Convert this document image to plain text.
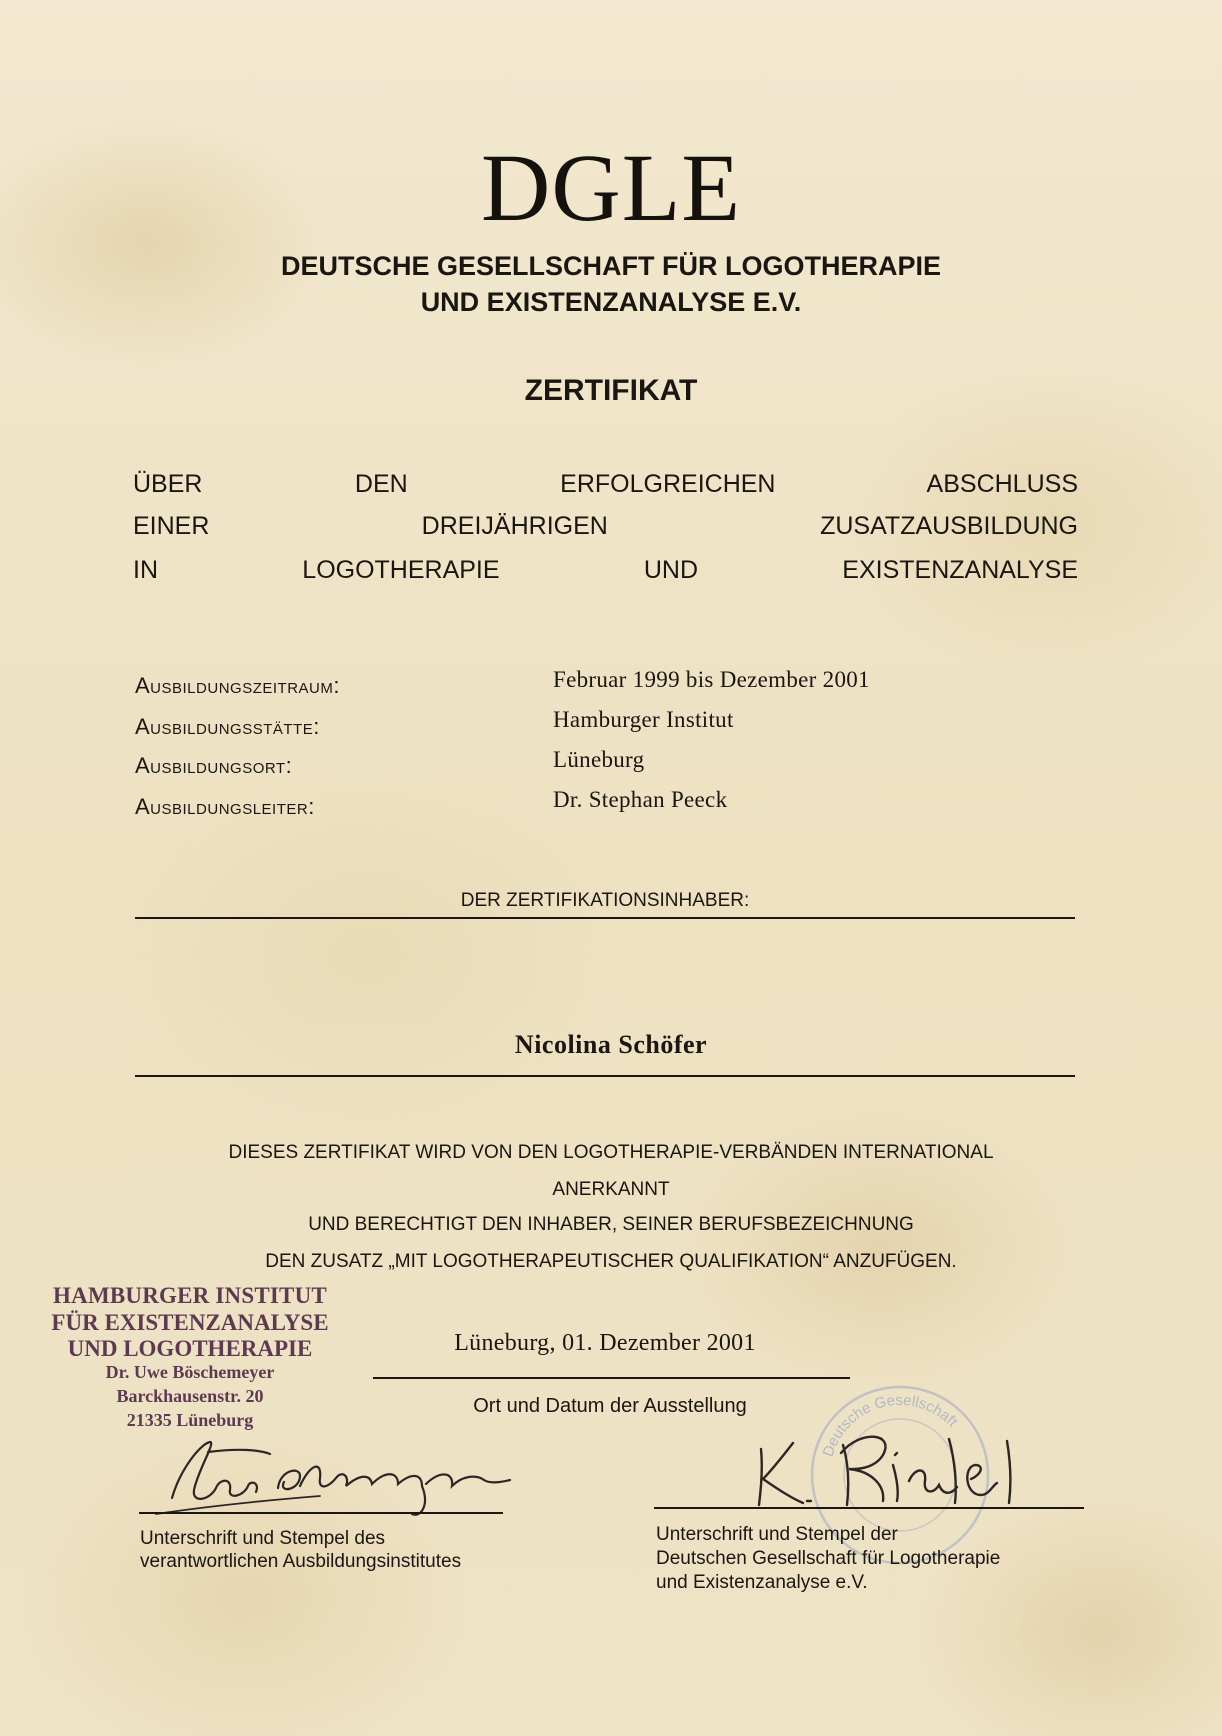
DGLE
DEUTSCHE GESELLSCHAFT FÜR LOGOTHERAPIE
UND EXISTENZANALYSE E.V.
ZERTIFIKAT
ÜBER DEN ERFOLGREICHEN ABSCHLUSS
EINER DREIJÄHRIGEN ZUSATZAUSBILDUNG
IN LOGOTHERAPIE UND EXISTENZANALYSE
Ausbildungszeitraum:	Februar 1999 bis Dezember 2001
Ausbildungsstätte:	Hamburger Institut
Ausbildungsort:	Lüneburg
Ausbildungsleiter:	Dr. Stephan Peeck
DER ZERTIFIKATIONSINHABER:
Nicolina Schöfer
DIESES ZERTIFIKAT WIRD VON DEN LOGOTHERAPIE-VERBÄNDEN INTERNATIONAL
ANERKANNT
UND BERECHTIGT DEN INHABER, SEINER BERUFSBEZEICHNUNG
DEN ZUSATZ „MIT LOGOTHERAPEUTISCHER QUALIFIKATION“ ANZUFÜGEN.
HAMBURGER INSTITUT
FÜR EXISTENZANALYSE
UND LOGOTHERAPIE
Dr. Uwe Böschemeyer
Barckhausenstr. 20
21335 Lüneburg
Lüneburg, 01. Dezember 2001
Ort und Datum der Ausstellung
Deutsche Gesellschaft
Unterschrift und Stempel des
verantwortlichen Ausbildungsinstitutes
Unterschrift und Stempel der
Deutschen Gesellschaft für Logotherapie
und Existenzanalyse e.V.
